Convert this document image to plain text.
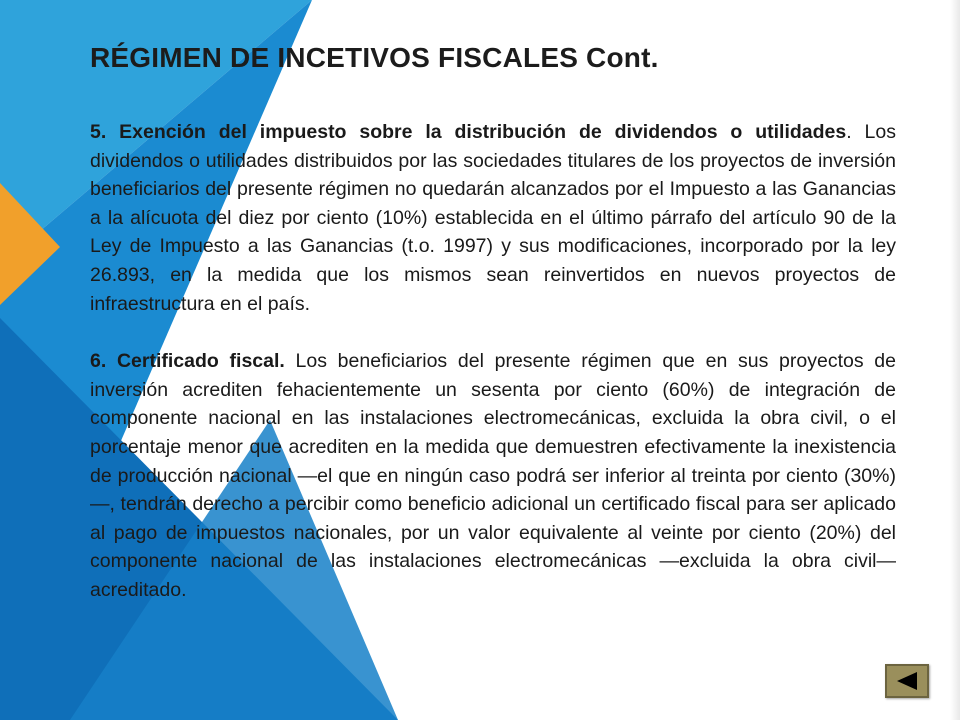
RÉGIMEN DE INCETIVOS FISCALES Cont.

5. Exención del impuesto sobre la distribución de dividendos o utilidades. Los dividendos o utilidades distribuidos por las sociedades titulares de los proyectos de inversión beneficiarios del presente régimen no quedarán alcanzados por el Impuesto a las Ganancias a la alícuota del diez por ciento (10%) establecida en el último párrafo del artículo 90 de la Ley de Impuesto a las Ganancias (t.o. 1997) y sus modificaciones, incorporado por la ley 26.893, en la medida que los mismos sean reinvertidos en nuevos proyectos de infraestructura en el país.

6. Certificado fiscal. Los beneficiarios del presente régimen que en sus proyectos de inversión acrediten fehacientemente un sesenta por ciento (60%) de integración de componente nacional en las instalaciones electromecánicas, excluida la obra civil, o el porcentaje menor que acrediten en la medida que demuestren efectivamente la inexistencia de producción nacional —el que en ningún caso podrá ser inferior al treinta por ciento (30%)—, tendrán derecho a percibir como beneficio adicional un certificado fiscal para ser aplicado al pago de impuestos nacionales, por un valor equivalente al veinte por ciento (20%) del componente nacional de las instalaciones electromecánicas —excluida la obra civil— acreditado.
